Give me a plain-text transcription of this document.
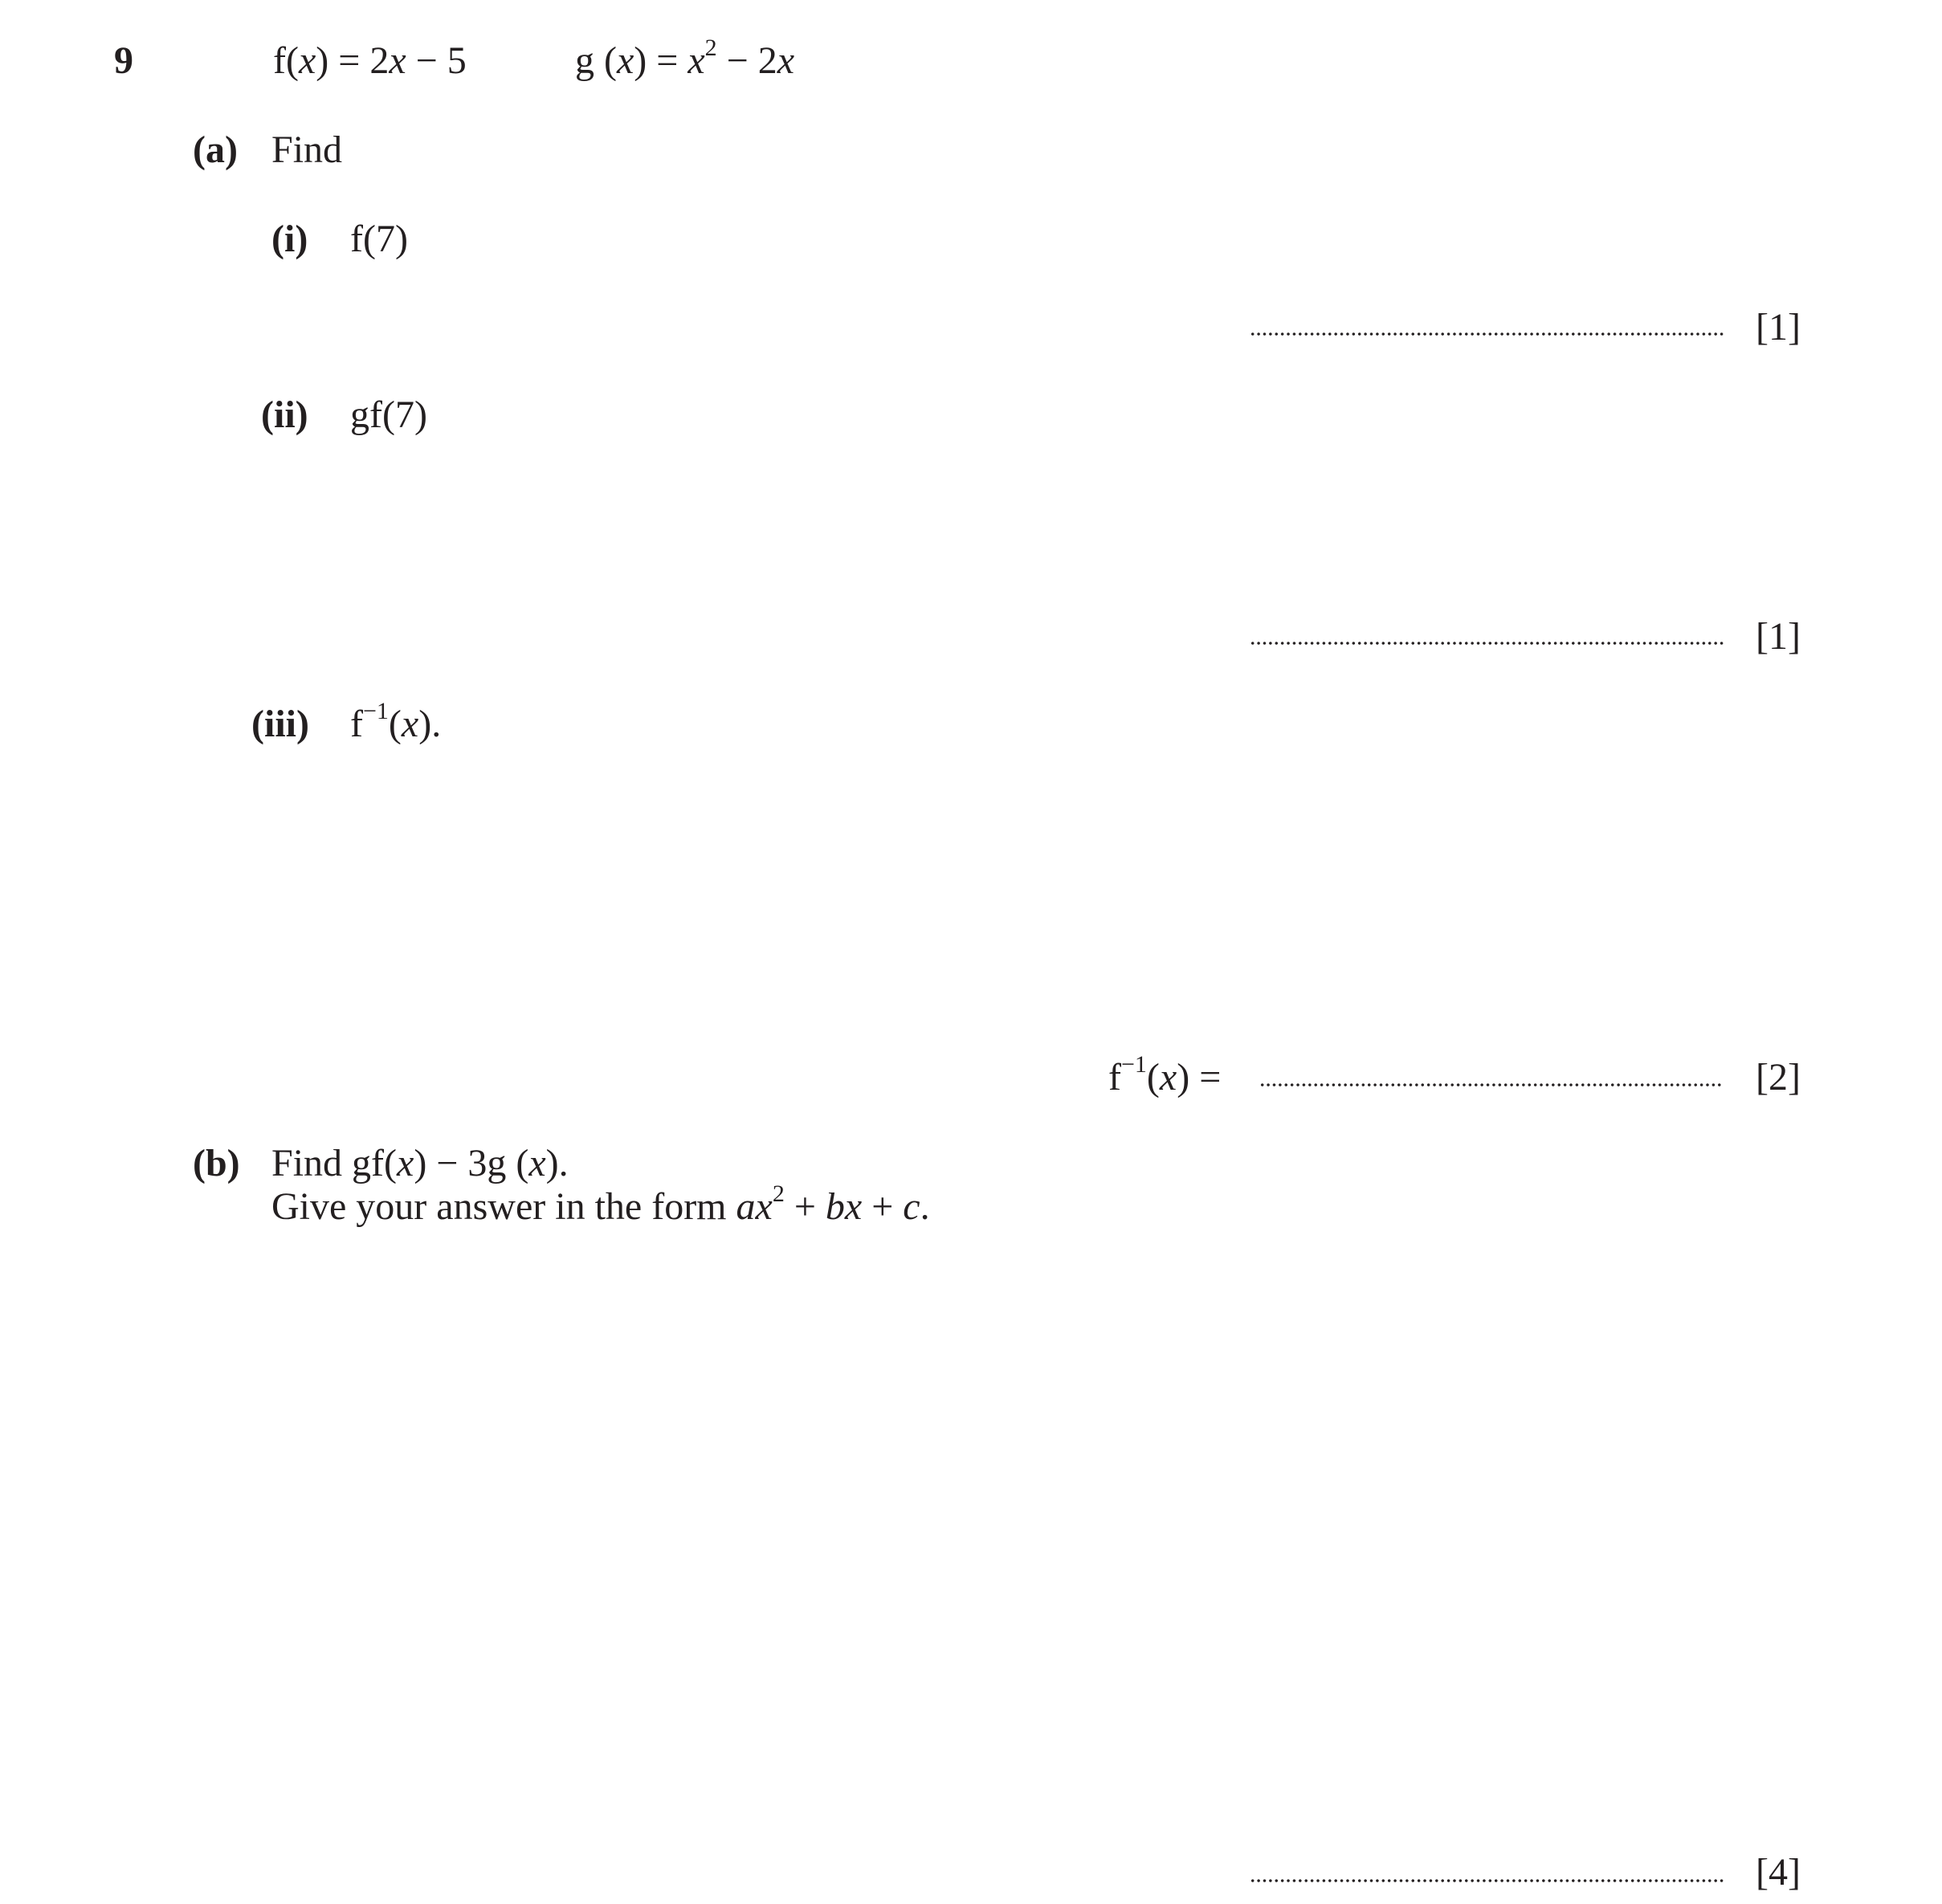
9	f(x) = 2x − 5	g $(x) = x^2 - 2x$
(a) Find
(i) f(7)
[1]
(ii) gf(7)
[1]
(iii) $f^{-1}(x)$.
$f^{-1}(x)$ =	[2]
(b) Find gf(x) − 3g (x).
Give your answer in the form $ax^2$ + bx + c.
[4]
